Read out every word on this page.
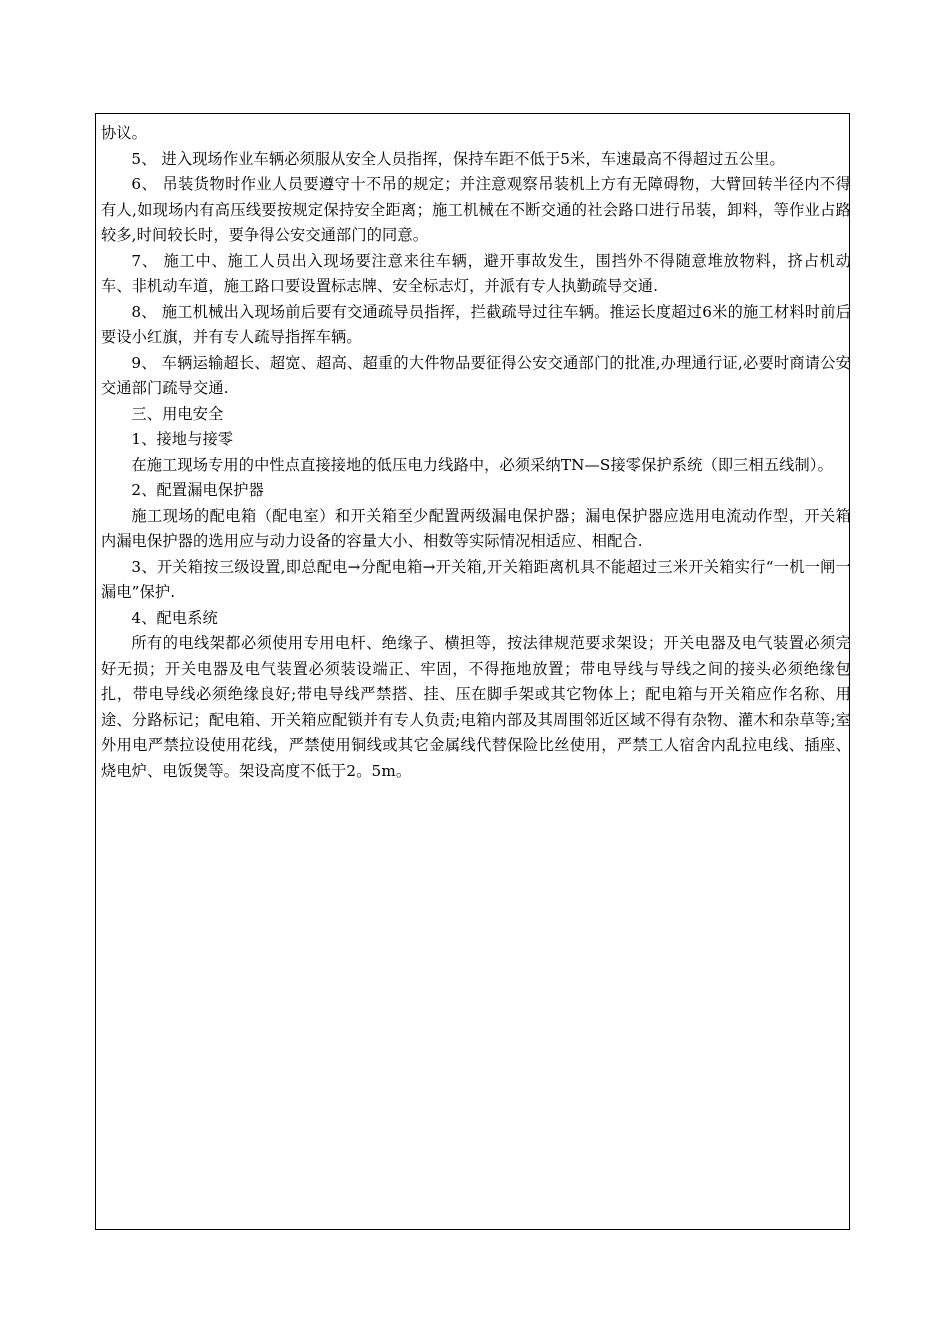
协议。

5、 进入现场作业车辆必须服从安全人员指挥，保持车距不低于5米，车速最高不得超过五公里。

6、 吊装货物时作业人员要遵守十不吊的规定；并注意观察吊装机上方有无障碍物，大臂回转半径内不得有人,如现场内有高压线要按规定保持安全距离；施工机械在不断交通的社会路口进行吊装，卸料，等作业占路较多,时间较长时，要争得公安交通部门的同意。

7、 施工中、施工人员出入现场要注意来往车辆，避开事故发生，围挡外不得随意堆放物料，挤占机动车、非机动车道，施工路口要设置标志牌、安全标志灯，并派有专人执勤疏导交通.

8、 施工机械出入现场前后要有交通疏导员指挥，拦截疏导过往车辆。推运长度超过6米的施工材料时前后要设小红旗，并有专人疏导指挥车辆。

9、 车辆运输超长、超宽、超高、超重的大件物品要征得公安交通部门的批准,办理通行证,必要时商请公安交通部门疏导交通.

三、用电安全

1、接地与接零

在施工现场专用的中性点直接接地的低压电力线路中，必须采纳TN—S接零保护系统（即三相五线制）。

2、配置漏电保护器

施工现场的配电箱（配电室）和开关箱至少配置两级漏电保护器；漏电保护器应选用电流动作型，开关箱内漏电保护器的选用应与动力设备的容量大小、相数等实际情况相适应、相配合.

3、开关箱按三级设置,即总配电→分配电箱→开关箱,开关箱距离机具不能超过三米开关箱实行“一机一闸一漏电”保护.

4、配电系统

所有的电线架都必须使用专用电杆、绝缘子、横担等，按法律规范要求架设；开关电器及电气装置必须完好无损；开关电器及电气装置必须装设端正、牢固，不得拖地放置；带电导线与导线之间的接头必须绝缘包扎，带电导线必须绝缘良好;带电导线严禁搭、挂、压在脚手架或其它物体上；配电箱与开关箱应作名称、用途、分路标记；配电箱、开关箱应配锁并有专人负责;电箱内部及其周围邻近区域不得有杂物、灌木和杂草等;室外用电严禁拉设使用花线，严禁使用铜线或其它金属线代替保险比丝使用，严禁工人宿舍内乱拉电线、插座、烧电炉、电饭煲等。架设高度不低于2。5m。
